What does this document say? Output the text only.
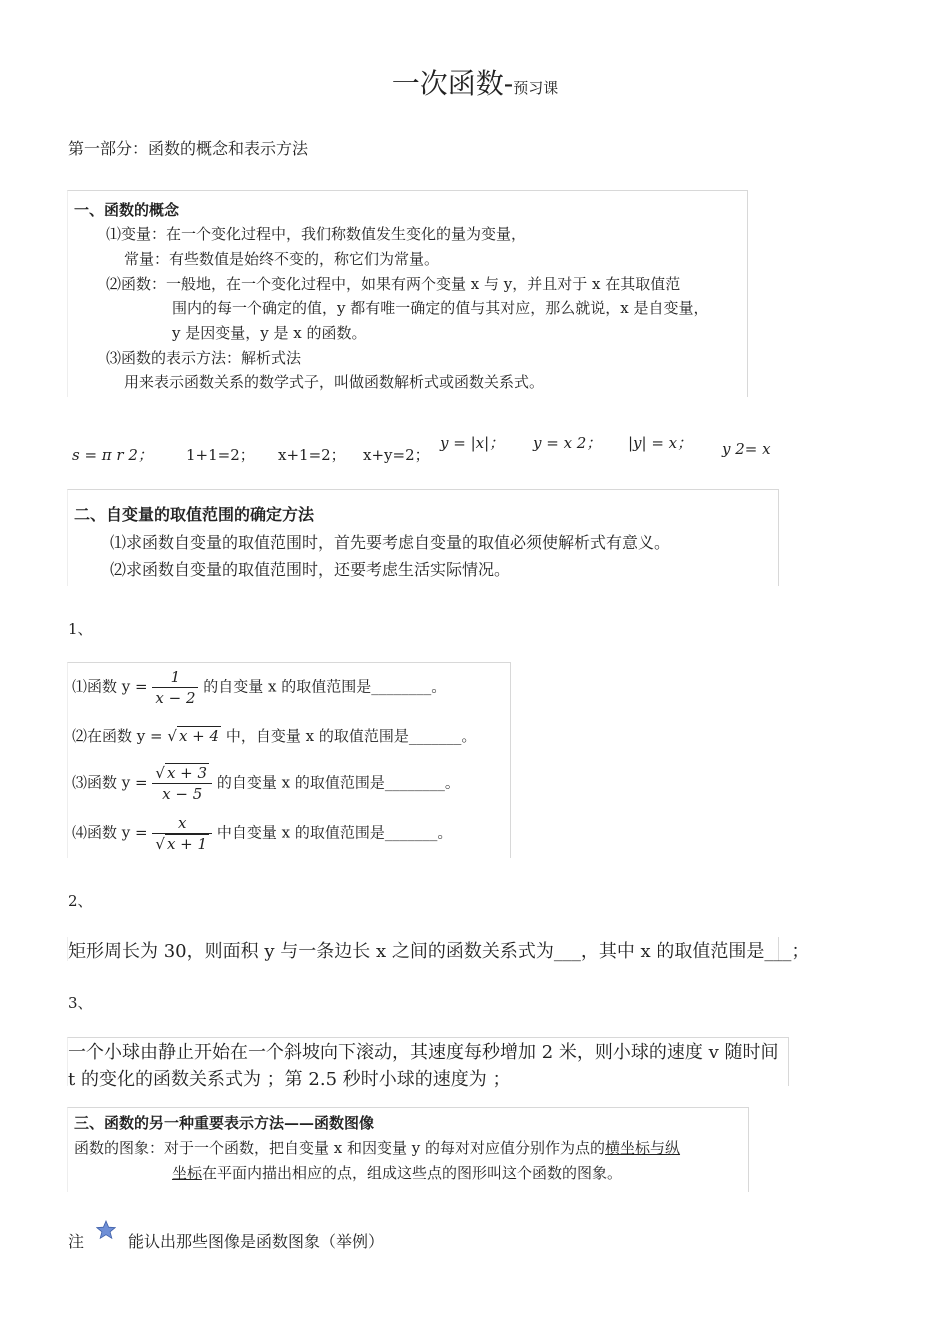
一次函数-预习课
第一部分：函数的概念和表示方法
一、函数的概念
⑴变量：在一个变化过程中，我们称数值发生变化的量为变量，
常量：有些数值是始终不变的，称它们为常量。
⑵函数：一般地，在一个变化过程中，如果有两个变量 x 与 y，并且对于 x 在其取值范
围内的每一个确定的值，y 都有唯一确定的值与其对应，那么就说，x 是自变量，
y 是因变量，y 是 x 的函数。
⑶函数的表示方法：解析式法
用来表示函数关系的数学式子，叫做函数解析式或函数关系式。
s = π r 2； 1+1=2； x+1=2； x+y=2；
y = |x|； y = x 2； |y| = x； y 2= x
二、自变量的取值范围的确定方法
⑴求函数自变量的取值范围时，首先要考虑自变量的取值必须使解析式有意义。
⑵求函数自变量的取值范围时，还要考虑生活实际情况。
1、
⑴函数 $y = \frac{1}{x - 2}$ 的自变量 x 的取值范围是________。
⑵在函数 y = √ x + 4 中，自变量 x 的取值范围是_______。
⑶函数 $y = \frac{√ x + 3}{x - 5}$ 的自变量 x 的取值范围是________。
⑷函数 $y = \frac{x}{√ x + 1}$ 中自变量 x 的取值范围是_______。
2、
矩形周长为 30，则面积 y 与一条边长 x 之间的函数关系式为___，其中 x 的取值范围是___；
3、
一个小球由静止开始在一个斜坡向下滚动，其速度每秒增加 2 米，则小球的速度 v 随时间
t 的变化的函数关系式为 ；第 2.5 秒时小球的速度为 ；
三、函数的另一种重要表示方法——函数图像
函数的图象：对于一个函数，把自变量 x 和因变量 y 的每对对应值分别作为点的横坐标与纵
坐标在平面内描出相应的点，组成这些点的图形叫这个函数的图象。
注	能认出那些图像是函数图象（举例）
